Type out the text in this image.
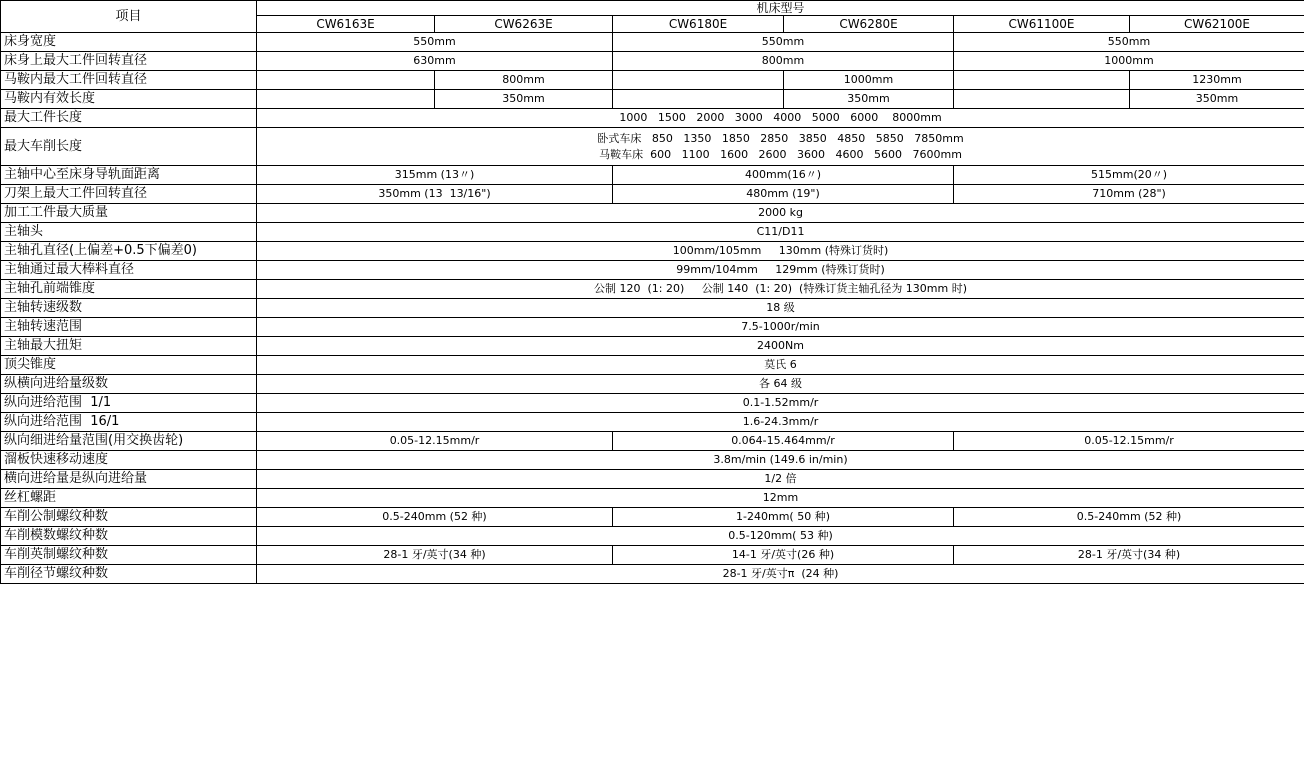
项目	机床型号					
	CW6163E	CW6263E	CW6180E	CW6280E	CW61100E	CW62100E
床身宽度	550mm		550mm		550mm	
床身上最大工件回转直径	630mm		800mm		1000mm	
马鞍内最大工件回转直径		800mm		1000mm		1230mm
马鞍内有效长度		350mm		350mm		350mm
最大工件长度	1000   1500   2000   3000   4000   5000   6000    8000mm					
最大车削长度	卧式车床   850   1350   1850   2850   3850   4850   5850   7850mm
马鞍车床  600   1100   1600   2600   3600   4600   5600   7600mm					

主轴中心至床身导轨面距离	315mm (13〃)		400mm(16〃)		515mm(20〃)	
刀架上最大工件回转直径	350mm (13  13/16")		480mm (19")		710mm (28")	
加工工件最大质量	2000 kg					
主轴头	C11/D11					
主轴孔直径(上偏差+0.5下偏差0)	100mm/105mm     130mm (特殊订货时)					
主轴通过最大棒料直径	99mm/104mm     129mm (特殊订货时)					
主轴孔前端锥度	公制 120  (1: 20)     公制 140  (1: 20)  (特殊订货主轴孔径为 130mm 时)					
主轴转速级数	18 级					
主轴转速范围	7.5-1000r/min					
主轴最大扭矩	2400Nm					
顶尖锥度	莫氏 6					
纵横向进给量级数	各 64 级					
纵向进给范围  1/1	0.1-1.52mm/r					
纵向进给范围  16/1	1.6-24.3mm/r					
纵向细进给量范围(用交换齿轮)	0.05-12.15mm/r		0.064-15.464mm/r		0.05-12.15mm/r	
溜板快速移动速度	3.8m/min (149.6 in/min)					
横向进给量是纵向进给量	1/2 倍					
丝杠螺距	12mm					
车削公制螺纹种数	0.5-240mm (52 种)		1-240mm( 50 种)		0.5-240mm (52 种)	
车削模数螺纹种数	0.5-120mm( 53 种)					
车削英制螺纹种数	28-1 牙/英寸(34 种)		14-1 牙/英寸(26 种)		28-1 牙/英寸(34 种)	
车削径节螺纹种数	28-1 牙/英寸π  (24 种)					
